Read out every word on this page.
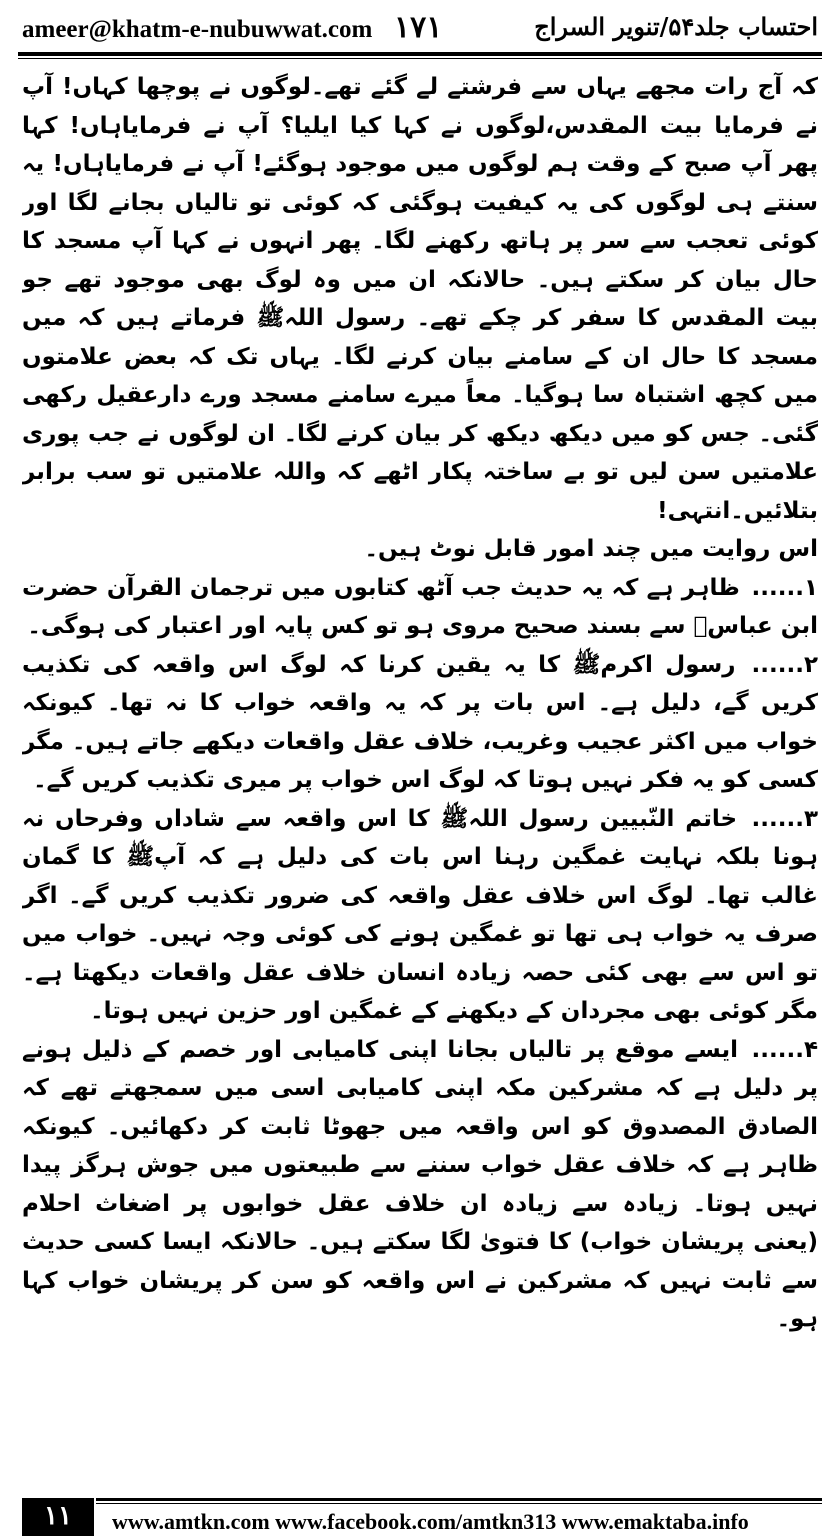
ameer@khatm-e-nubuwwat.com ۱۷۱	احتساب جلد۵۴/تنویر السراج

کہ آج رات مجھے یہاں سے فرشتے لے گئے تھے۔لوگوں نے پوچھا کہاں! آپ نے فرمایا بیت المقدس،لوگوں نے کہا کیا ایلیا؟ آپ نے فرمایاہاں! کہا پھر آپ صبح کے وقت ہم لوگوں میں موجود ہوگئے! آپ نے فرمایاہاں! یہ سنتے ہی لوگوں کی یہ کیفیت ہوگئی کہ کوئی تو تالیاں بجانے لگا اور کوئی تعجب سے سر پر ہاتھ رکھنے لگا۔ پھر انہوں نے کہا آپ مسجد کا حال بیان کر سکتے ہیں۔ حالانکہ ان میں وہ لوگ بھی موجود تھے جو بیت المقدس کا سفر کر چکے تھے۔ رسول اللہﷺ فرماتے ہیں کہ میں مسجد کا حال ان کے سامنے بیان کرنے لگا۔ یہاں تک کہ بعض علامتوں میں کچھ اشتباہ سا ہوگیا۔ معاً میرے سامنے مسجد ورے دارعقیل رکھی گئی۔ جس کو میں دیکھ دیکھ کر بیان کرنے لگا۔ ان لوگوں نے جب پوری علامتیں سن لیں تو بے ساختہ پکار اٹھے کہ واللہ علامتیں تو سب برابر بتلائیں۔انتہی!

اس روایت میں چند امور قابل نوٹ ہیں۔

۱...... ظاہر ہے کہ یہ حدیث جب آٹھ کتابوں میں ترجمان القرآن حضرت ابن عباسؓ سے بسند صحیح مروی ہو تو کس پایہ اور اعتبار کی ہوگی۔

۲...... رسول اکرمﷺ کا یہ یقین کرنا کہ لوگ اس واقعہ کی تکذیب کریں گے، دلیل ہے۔ اس بات پر کہ یہ واقعہ خواب کا نہ تھا۔ کیونکہ خواب میں اکثر عجیب وغریب، خلاف عقل واقعات دیکھے جاتے ہیں۔ مگر کسی کو یہ فکر نہیں ہوتا کہ لوگ اس خواب پر میری تکذیب کریں گے۔

۳...... خاتم النّبیین رسول اللہﷺ کا اس واقعہ سے شاداں وفرحاں نہ ہونا بلکہ نہایت غمگین رہنا اس بات کی دلیل ہے کہ آپﷺ کا گمان غالب تھا۔ لوگ اس خلاف عقل واقعہ کی ضرور تکذیب کریں گے۔ اگر صرف یہ خواب ہی تھا تو غمگین ہونے کی کوئی وجہ نہیں۔ خواب میں تو اس سے بھی کئی حصہ زیادہ انسان خلاف عقل واقعات دیکھتا ہے۔ مگر کوئی بھی مجردان کے دیکھنے کے غمگین اور حزین نہیں ہوتا۔

۴...... ایسے موقع پر تالیاں بجانا اپنی کامیابی اور خصم کے ذلیل ہونے پر دلیل ہے کہ مشرکین مکہ اپنی کامیابی اسی میں سمجھتے تھے کہ الصادق المصدوق کو اس واقعہ میں جھوٹا ثابت کر دکھائیں۔ کیونکہ ظاہر ہے کہ خلاف عقل خواب سننے سے طبیعتوں میں جوش ہرگز پیدا نہیں ہوتا۔ زیادہ سے زیادہ ان خلاف عقل خوابوں پر اضغاث احلام (یعنی پریشان خواب) کا فتویٰ لگا سکتے ہیں۔ حالانکہ ایسا کسی حدیث سے ثابت نہیں کہ مشرکین نے اس واقعہ کو سن کر پریشان خواب کہا ہو۔

۱۱	www.amtkn.com www.facebook.com/amtkn313 www.emaktaba.info
